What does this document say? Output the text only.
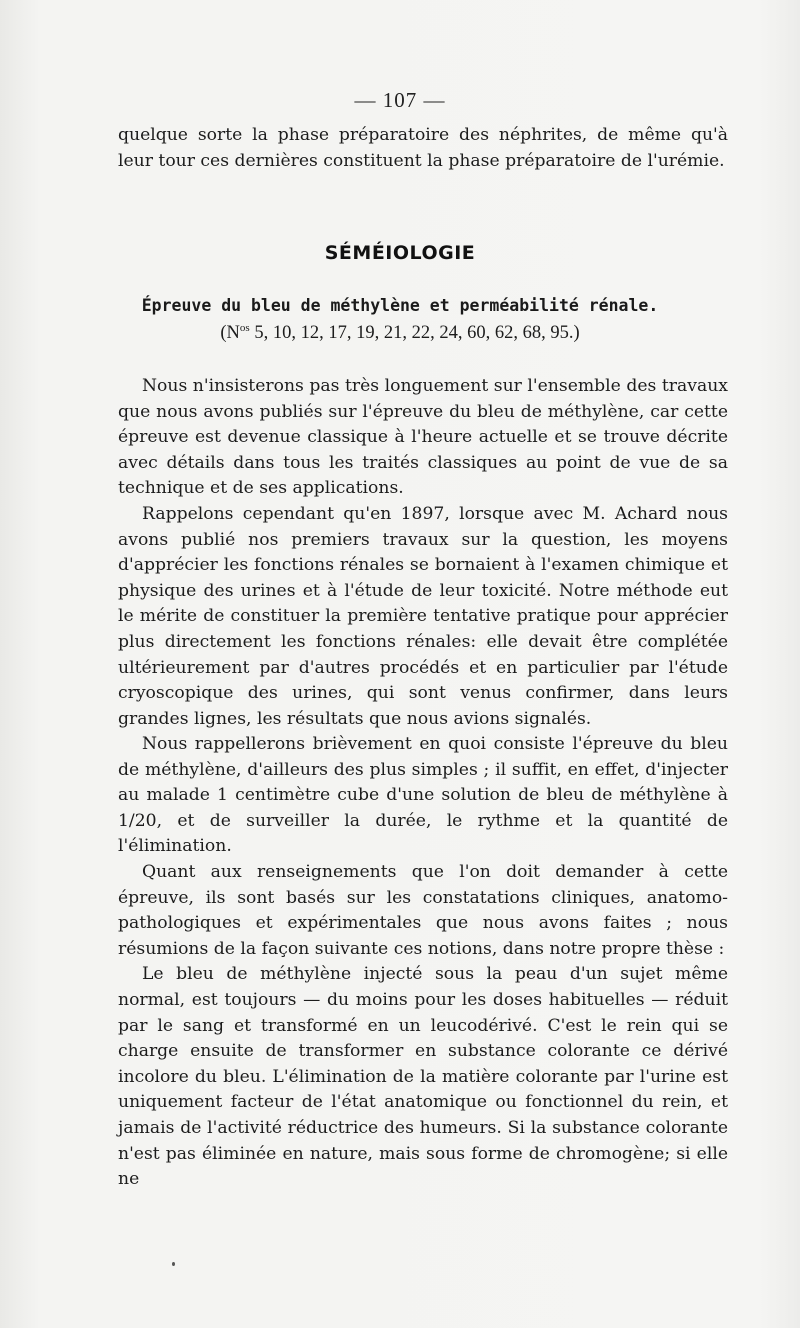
— 107 —

quelque sorte la phase préparatoire des néphrites, de même qu'à leur tour ces dernières constituent la phase préparatoire de l'urémie.

SÉMÉIOLOGIE
Épreuve du bleu de méthylène et perméabilité rénale.
($N^{os}$ 5, 10, 12, 17, 19, 21, 22, 24, 60, 62, 68, 95.)

Nous n'insisterons pas très longuement sur l'ensemble des travaux que nous avons publiés sur l'épreuve du bleu de méthylène, car cette épreuve est devenue classique à l'heure actuelle et se trouve décrite avec détails dans tous les traités classiques au point de vue de sa technique et de ses applications.

Rappelons cependant qu'en 1897, lorsque avec M. Achard nous avons publié nos premiers travaux sur la question, les moyens d'apprécier les fonctions rénales se bornaient à l'examen chimique et physique des urines et à l'étude de leur toxicité. Notre méthode eut le mérite de constituer la première tentative pratique pour apprécier plus directement les fonctions rénales: elle devait être complétée ultérieurement par d'autres procédés et en particulier par l'étude cryoscopique des urines, qui sont venus confirmer, dans leurs grandes lignes, les résultats que nous avions signalés.

Nous rappellerons brièvement en quoi consiste l'épreuve du bleu de méthylène, d'ailleurs des plus simples ; il suffit, en effet, d'injecter au malade 1 centimètre cube d'une solution de bleu de méthylène à 1/20, et de surveiller la durée, le rythme et la quantité de l'élimination.

Quant aux renseignements que l'on doit demander à cette épreuve, ils sont basés sur les constatations cliniques, anatomo-pathologiques et expérimentales que nous avons faites ; nous résumions de la façon suivante ces notions, dans notre propre thèse :

Le bleu de méthylène injecté sous la peau d'un sujet même normal, est toujours — du moins pour les doses habituelles — réduit par le sang et transformé en un leucodérivé. C'est le rein qui se charge ensuite de transformer en substance colorante ce dérivé incolore du bleu. L'élimination de la matière colorante par l'urine est uniquement facteur de l'état anatomique ou fonctionnel du rein, et jamais de l'activité réductrice des humeurs. Si la substance colorante n'est pas éliminée en nature, mais sous forme de chromogène; si elle ne
